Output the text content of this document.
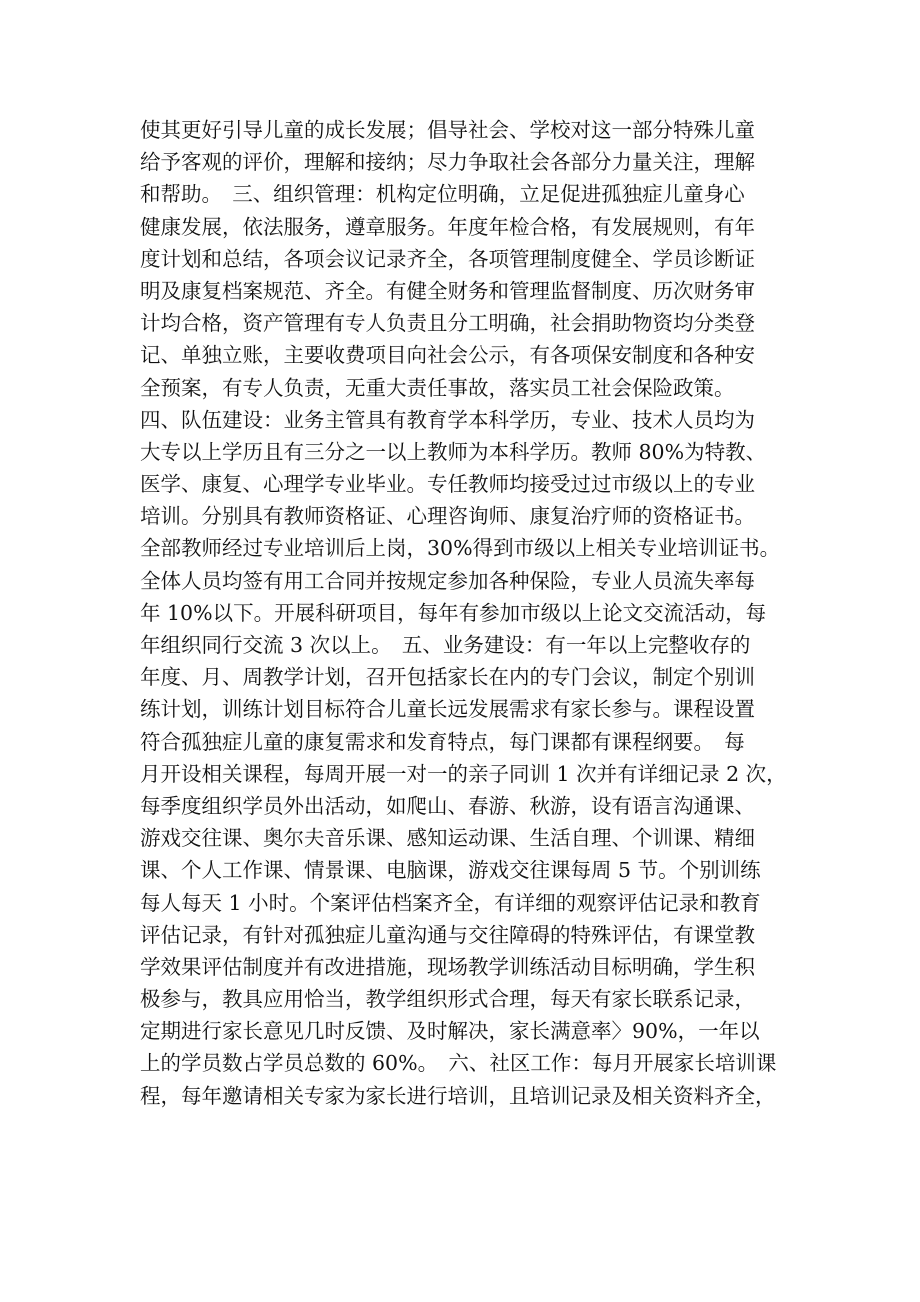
使其更好引导儿童的成长发展；倡导社会、学校对这一部分特殊儿童
给予客观的评价，理解和接纳；尽力争取社会各部分力量关注，理解
和帮助。　三、组织管理：机构定位明确，立足促进孤独症儿童身心
健康发展，依法服务，遵章服务。年度年检合格，有发展规则，有年
度计划和总结，各项会议记录齐全，各项管理制度健全、学员诊断证
明及康复档案规范、齐全。有健全财务和管理监督制度、历次财务审
计均合格，资产管理有专人负责且分工明确，社会捐助物资均分类登
记、单独立账，主要收费项目向社会公示，有各项保安制度和各种安
全预案，有专人负责，无重大责任事故，落实员工社会保险政策。
四、队伍建设：业务主管具有教育学本科学历，专业、技术人员均为
大专以上学历且有三分之一以上教师为本科学历。教师 80%为特教、
医学、康复、心理学专业毕业。专任教师均接受过过市级以上的专业
培训。分别具有教师资格证、心理咨询师、康复治疗师的资格证书。
全部教师经过专业培训后上岗，30%得到市级以上相关专业培训证书。
全体人员均签有用工合同并按规定参加各种保险，专业人员流失率每
年 10%以下。开展科研项目，每年有参加市级以上论文交流活动，每
年组织同行交流 3 次以上。　五、业务建设：有一年以上完整收存的
年度、月、周教学计划，召开包括家长在内的专门会议，制定个别训
练计划，训练计划目标符合儿童长远发展需求有家长参与。课程设置
符合孤独症儿童的康复需求和发育特点，每门课都有课程纲要。　每
月开设相关课程，每周开展一对一的亲子同训 1 次并有详细记录 2 次，
每季度组织学员外出活动，如爬山、春游、秋游，设有语言沟通课、
游戏交往课、奥尔夫音乐课、感知运动课、生活自理、个训课、精细
课、个人工作课、情景课、电脑课，游戏交往课每周 5 节。个别训练
每人每天 1 小时。个案评估档案齐全，有详细的观察评估记录和教育
评估记录，有针对孤独症儿童沟通与交往障碍的特殊评估，有课堂教
学效果评估制度并有改进措施，现场教学训练活动目标明确，学生积
极参与，教具应用恰当，教学组织形式合理，每天有家长联系记录，
定期进行家长意见几时反馈、及时解决，家长满意率〉90%，一年以
上的学员数占学员总数的 60%。　六、社区工作：每月开展家长培训课
程，每年邀请相关专家为家长进行培训，且培训记录及相关资料齐全，
